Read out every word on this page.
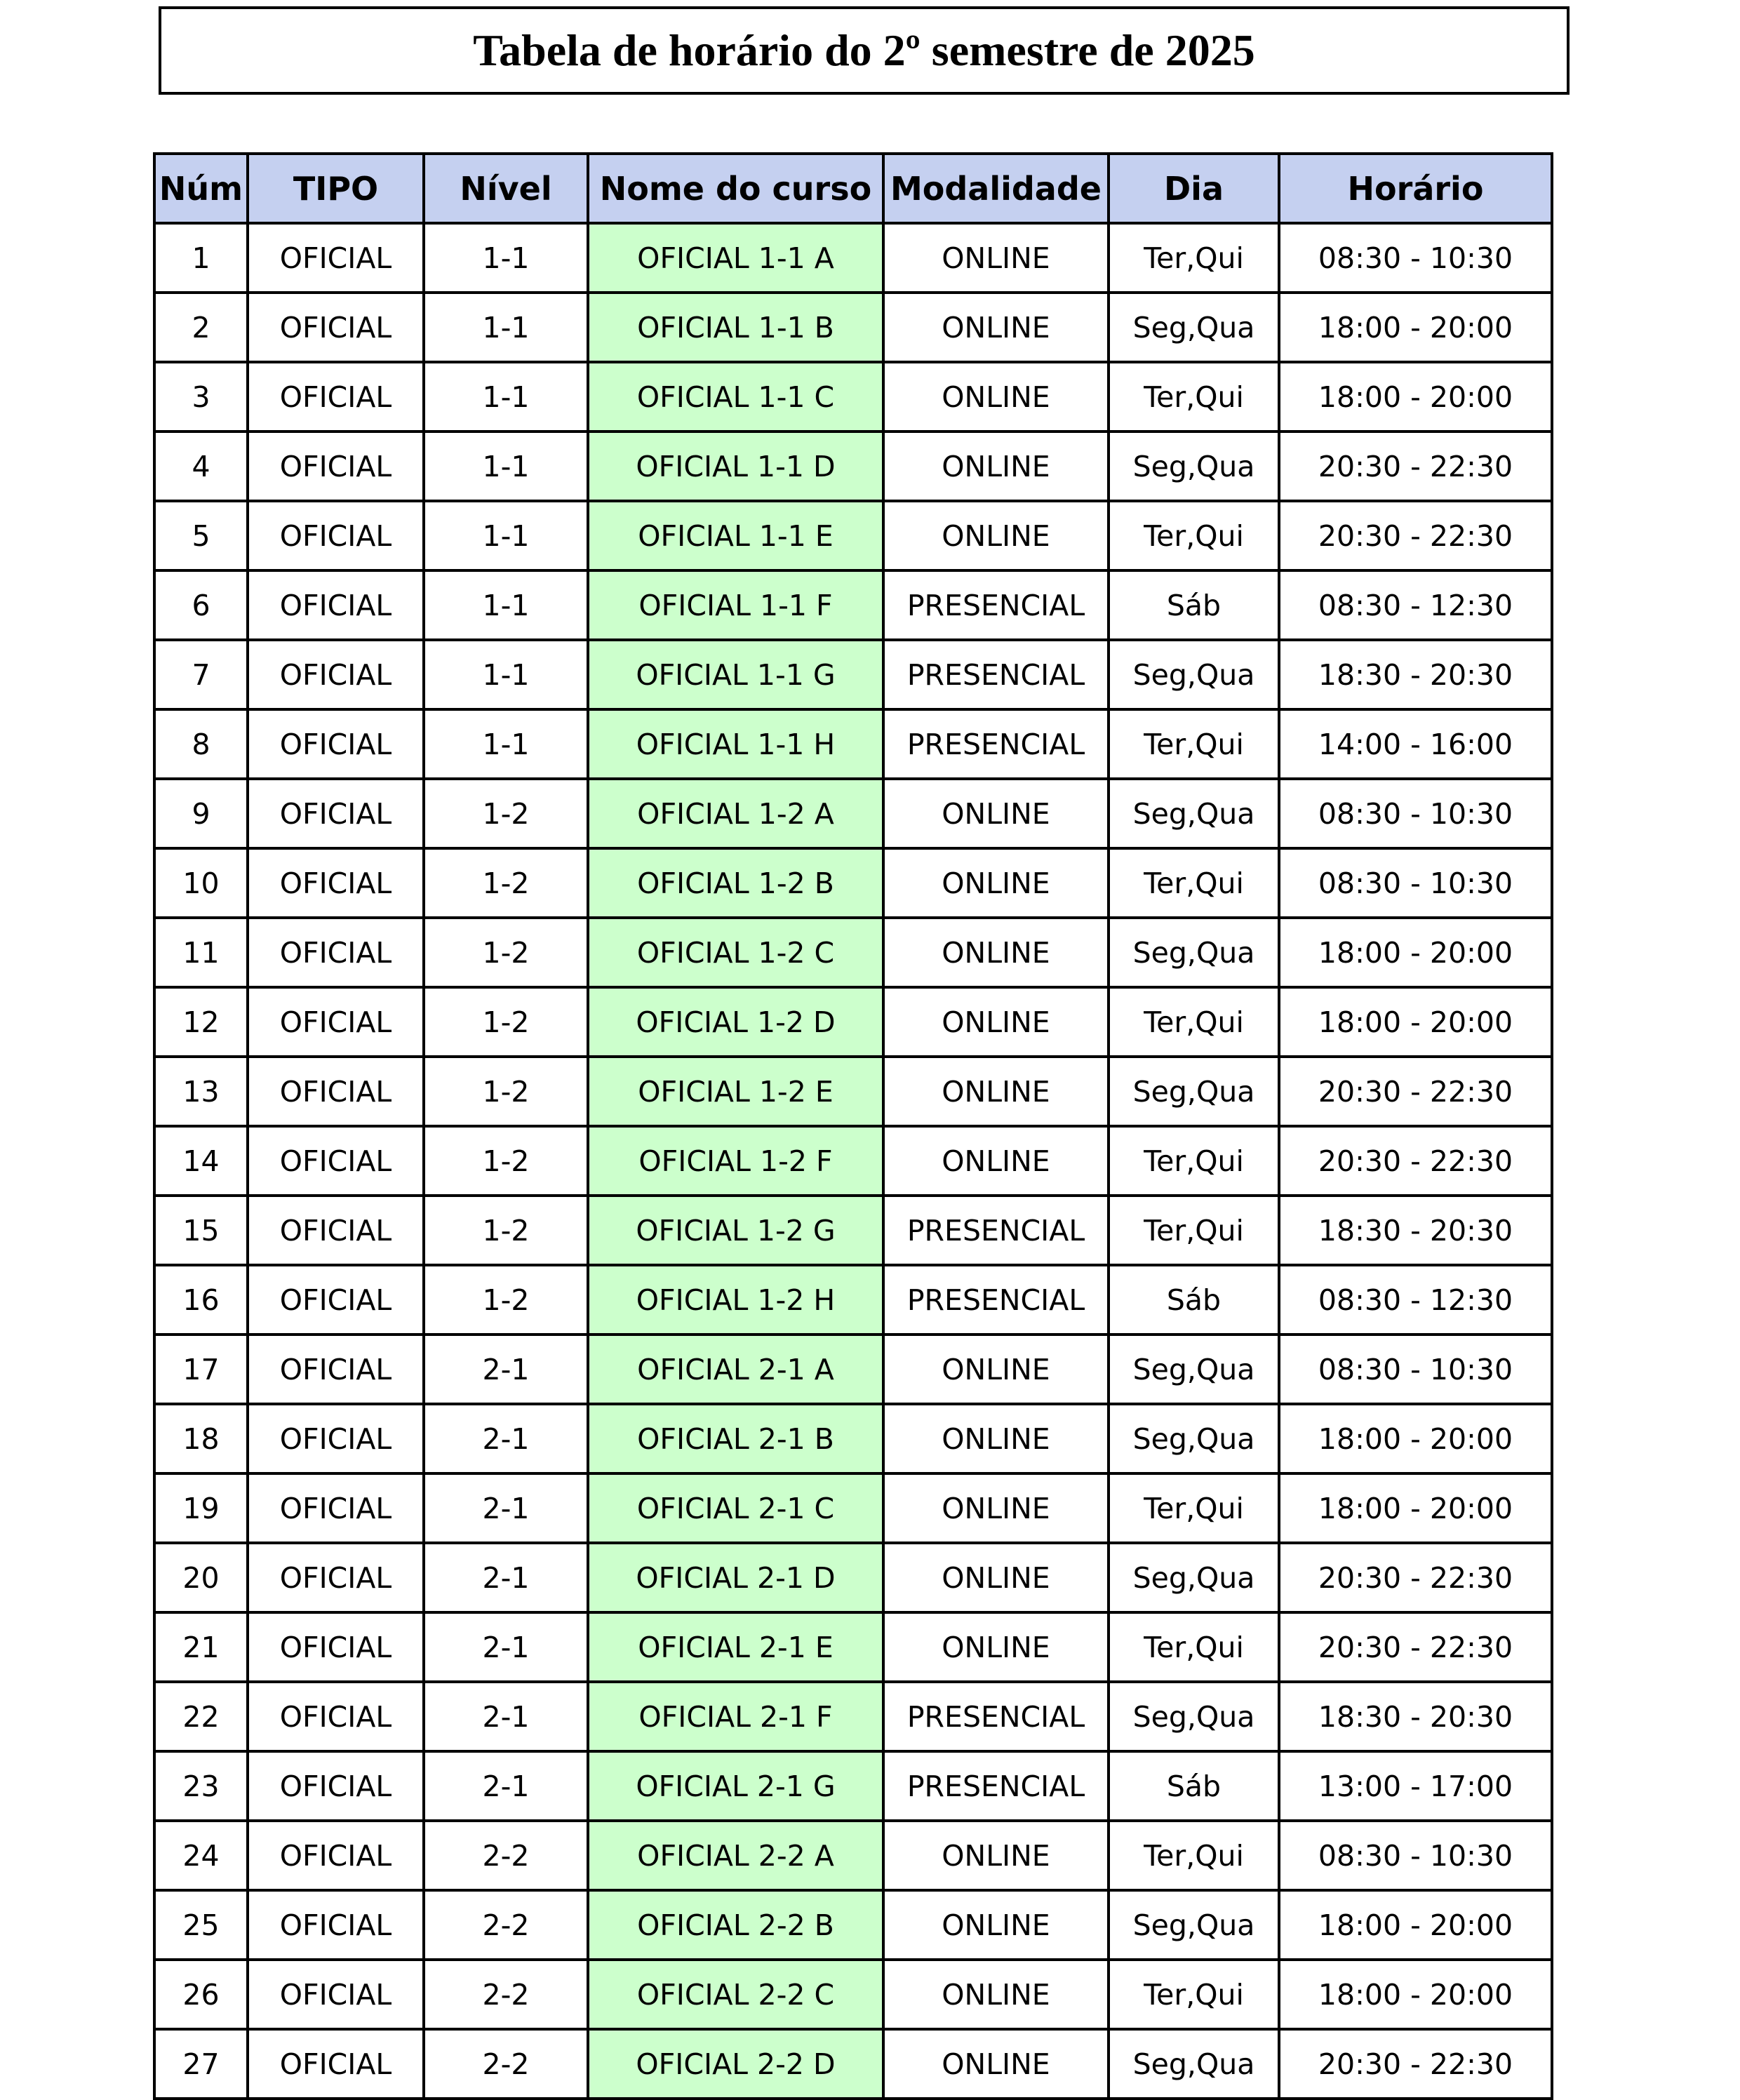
Tabela de horário do 2º semestre de 2025
Núm	TIPO	Nível	Nome do curso	Modalidade	Dia	Horário
1	OFICIAL	1-1	OFICIAL 1-1 A	ONLINE	Ter,Qui	08:30 - 10:30
2	OFICIAL	1-1	OFICIAL 1-1 B	ONLINE	Seg,Qua	18:00 - 20:00
3	OFICIAL	1-1	OFICIAL 1-1 C	ONLINE	Ter,Qui	18:00 - 20:00
4	OFICIAL	1-1	OFICIAL 1-1 D	ONLINE	Seg,Qua	20:30 - 22:30
5	OFICIAL	1-1	OFICIAL 1-1 E	ONLINE	Ter,Qui	20:30 - 22:30
6	OFICIAL	1-1	OFICIAL 1-1 F	PRESENCIAL	Sáb	08:30 - 12:30
7	OFICIAL	1-1	OFICIAL 1-1 G	PRESENCIAL	Seg,Qua	18:30 - 20:30
8	OFICIAL	1-1	OFICIAL 1-1 H	PRESENCIAL	Ter,Qui	14:00 - 16:00
9	OFICIAL	1-2	OFICIAL 1-2 A	ONLINE	Seg,Qua	08:30 - 10:30
10	OFICIAL	1-2	OFICIAL 1-2 B	ONLINE	Ter,Qui	08:30 - 10:30
11	OFICIAL	1-2	OFICIAL 1-2 C	ONLINE	Seg,Qua	18:00 - 20:00
12	OFICIAL	1-2	OFICIAL 1-2 D	ONLINE	Ter,Qui	18:00 - 20:00
13	OFICIAL	1-2	OFICIAL 1-2 E	ONLINE	Seg,Qua	20:30 - 22:30
14	OFICIAL	1-2	OFICIAL 1-2 F	ONLINE	Ter,Qui	20:30 - 22:30
15	OFICIAL	1-2	OFICIAL 1-2 G	PRESENCIAL	Ter,Qui	18:30 - 20:30
16	OFICIAL	1-2	OFICIAL 1-2 H	PRESENCIAL	Sáb	08:30 - 12:30
17	OFICIAL	2-1	OFICIAL 2-1 A	ONLINE	Seg,Qua	08:30 - 10:30
18	OFICIAL	2-1	OFICIAL 2-1 B	ONLINE	Seg,Qua	18:00 - 20:00
19	OFICIAL	2-1	OFICIAL 2-1 C	ONLINE	Ter,Qui	18:00 - 20:00
20	OFICIAL	2-1	OFICIAL 2-1 D	ONLINE	Seg,Qua	20:30 - 22:30
21	OFICIAL	2-1	OFICIAL 2-1 E	ONLINE	Ter,Qui	20:30 - 22:30
22	OFICIAL	2-1	OFICIAL 2-1 F	PRESENCIAL	Seg,Qua	18:30 - 20:30
23	OFICIAL	2-1	OFICIAL 2-1 G	PRESENCIAL	Sáb	13:00 - 17:00
24	OFICIAL	2-2	OFICIAL 2-2 A	ONLINE	Ter,Qui	08:30 - 10:30
25	OFICIAL	2-2	OFICIAL 2-2 B	ONLINE	Seg,Qua	18:00 - 20:00
26	OFICIAL	2-2	OFICIAL 2-2 C	ONLINE	Ter,Qui	18:00 - 20:00
27	OFICIAL	2-2	OFICIAL 2-2 D	ONLINE	Seg,Qua	20:30 - 22:30
